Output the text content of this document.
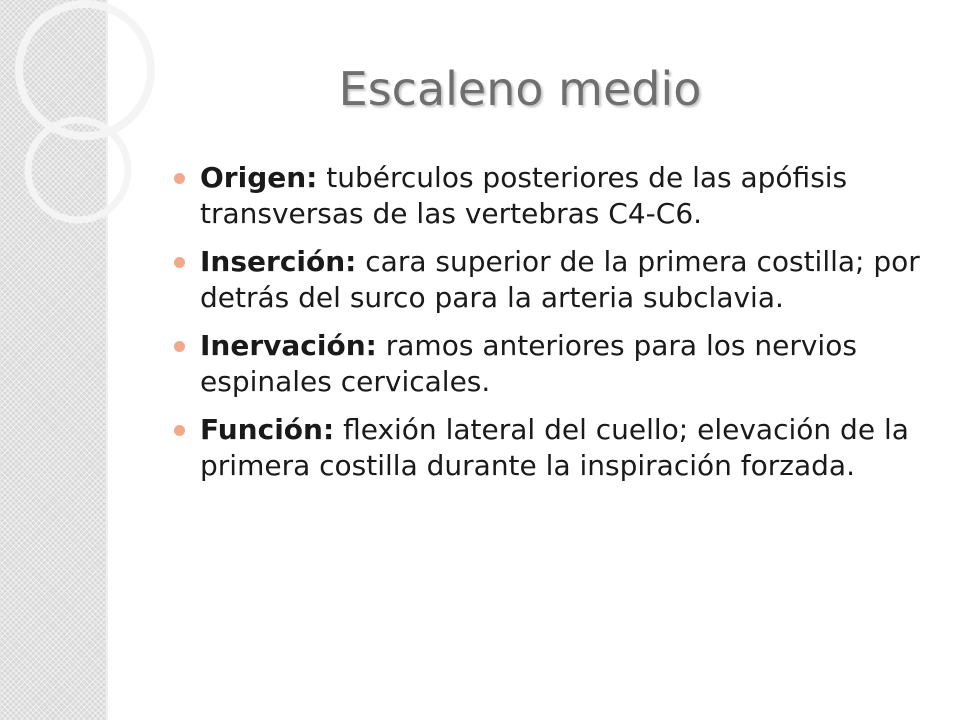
Escaleno medio
Origen: tubérculos posteriores de las apófisis transversas de las vertebras C4-C6.
Inserción: cara superior de la primera costilla; por detrás del surco para la arteria subclavia.
Inervación: ramos anteriores para los nervios espinales cervicales.
Función: flexión lateral del cuello; elevación de la primera costilla durante la inspiración forzada.
